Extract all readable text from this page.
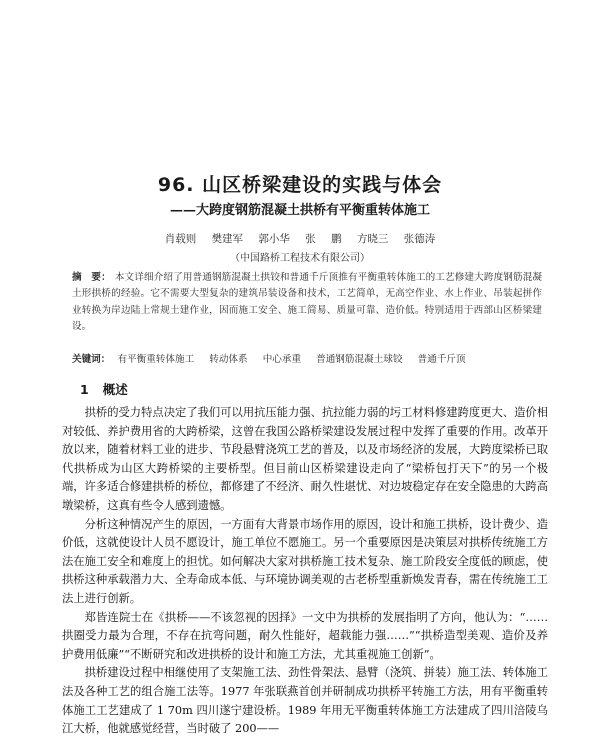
96. 山区桥梁建设的实践与体会
——大跨度钢筋混凝土拱桥有平衡重转体施工
肖载则 樊建军 郭小华 张 鹏 方晓三 张德涛
（中国路桥工程技术有限公司）
摘　要： 本文详细介绍了用普通钢筋混凝土拱铰和普通千斤顶推有平衡重转体施工的工艺修建大跨度钢筋混凝土形拱桥的经验。它不需要大型复杂的建筑吊装设备和技术，工艺简单，无高空作业、水上作业、吊装起拼作业转换为岸边陆上常规土建作业，因而施工安全、施工简易、质量可靠、造价低。特别适用于西部山区桥梁建设。
关键词： 有平衡重转体施工 转动体系 中心承重 普通钢筋混凝土球铰 普通千斤顶
1 概述

拱桥的受力特点决定了我们可以用抗压能力强、抗拉能力弱的圬工材料修建跨度更大、造价相对较低、养护费用省的大跨桥梁，这曾在我国公路桥梁建设发展过程中发挥了重要的作用。改革开放以来，随着材料工业的进步、节段悬臂浇筑工艺的普及，以及市场经济的发展，大跨度梁桥已取代拱桥成为山区大跨桥梁的主要桥型。但目前山区桥梁建设走向了“梁桥包打天下”的另一个极端，许多适合修建拱桥的桥位，都修建了不经济、耐久性堪忧、对边坡稳定存在安全隐患的大跨高墩梁桥，这真有些令人感到遗憾。

分析这种情况产生的原因，一方面有大背景市场作用的原因，设计和施工拱桥，设计费少、造价低，这就使设计人员不愿设计，施工单位不愿施工。另一个重要原因是决策层对拱桥传统施工方法在施工安全和难度上的担忧。如何解决大家对拱桥施工技术复杂、施工阶段安全度低的顾虑，使拱桥这种承载潜力大、全寿命成本低、与环境协调美观的古老桥型重新焕发青春，需在传统施工工法上进行创新。

郑皆连院士在《拱桥——不该忽视的因择》一文中为拱桥的发展指明了方向，他认为：“……拱圈受力最为合理，不存在抗弯问题，耐久性能好，超载能力强……”“拱桥造型美观、造价及养护费用低廉”“不断研究和改进拱桥的设计和施工方法，尤其重视施工创新”。

拱桥建设过程中相继使用了支架施工法、劲性骨架法、悬臂（浇筑、拼装）施工法、转体施工法及各种工艺的组合施工法等。1977 年张联燕首创并研制成功拱桥平转施工方法，用有平衡重转体施工工艺建成了 1 70m 四川遂宁建设桥。1989 年用无平衡重转体施工方法建成了四川涪陵乌江大桥，他就感觉经营，当时破了 200——
